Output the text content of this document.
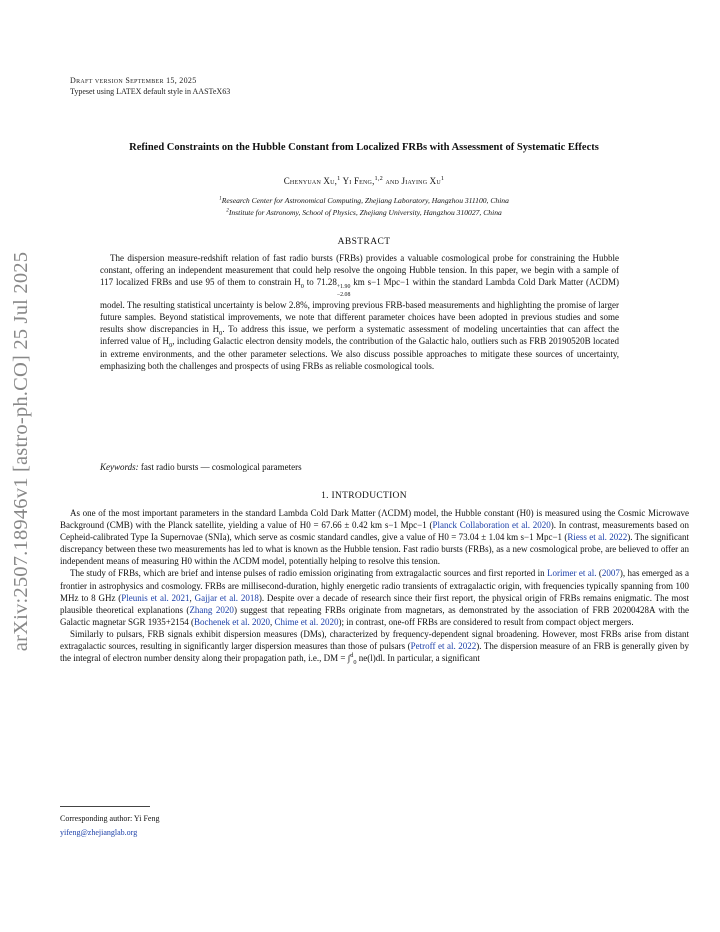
arXiv:2507.18946v1 [astro-ph.CO] 25 Jul 2025
Draft version September 15, 2025
Typeset using LATEX default style in AASTeX63
Refined Constraints on the Hubble Constant from Localized FRBs with Assessment of Systematic Effects
Chenyuan Xu,$^1$ Yi Feng,$^{1,2}$ and Jiaying Xu$^1$
$^1$Research Center for Astronomical Computing, Zhejiang Laboratory, Hangzhou 311100, China
$^2$Institute for Astronomy, School of Physics, Zhejiang University, Hangzhou 310027, China
ABSTRACT
The dispersion measure-redshift relation of fast radio bursts (FRBs) provides a valuable cosmological probe for constraining the Hubble constant, offering an independent measurement that could help resolve the ongoing Hubble tension. In this paper, we begin with a sample of 117 localized FRBs and use 95 of them to constrain $H_0$ to 71.28 +1.90
−2.08
km s−1 Mpc−1 within the standard Lambda Cold Dark Matter (ΛCDM) model. The resulting statistical uncertainty is below 2.8%, improving previous FRB-based measurements and highlighting the promise of larger future samples. Beyond statistical improvements, we note that different parameter choices have been adopted in previous studies and some results show discrepancies in $H_0$. To address this issue, we perform a systematic assessment of modeling uncertainties that can affect the inferred value of $H_0$, including Galactic electron density models, the contribution of the Galactic halo, outliers such as FRB 20190520B located in extreme environments, and the other parameter selections. We also discuss possible approaches to mitigate these sources of uncertainty, emphasizing both the challenges and prospects of using FRBs as reliable cosmological tools.
Keywords: fast radio bursts — cosmological parameters
1. INTRODUCTION

As one of the most important parameters in the standard Lambda Cold Dark Matter (ΛCDM) model, the Hubble constant (H0) is measured using the Cosmic Microwave Background (CMB) with the Planck satellite, yielding a value of H0 = 67.66 ± 0.42 km s−1 Mpc−1 (Planck Collaboration et al. 2020). In contrast, measurements based on Cepheid-calibrated Type Ia Supernovae (SNIa), which serve as cosmic standard candles, give a value of H0 = 73.04 ± 1.04 km s−1 Mpc−1 (Riess et al. 2022). The significant discrepancy between these two measurements has led to what is known as the Hubble tension. Fast radio bursts (FRBs), as a new cosmological probe, are believed to offer an independent means of measuring H0 within the ΛCDM model, potentially helping to resolve this tension.

The study of FRBs, which are brief and intense pulses of radio emission originating from extragalactic sources and first reported in Lorimer et al. (2007), has emerged as a frontier in astrophysics and cosmology. FRBs are millisecond-duration, highly energetic radio transients of extragalactic origin, with frequencies typically spanning from 100 MHz to 8 GHz (Pleunis et al. 2021, Gajjar et al. 2018). Despite over a decade of research since their first report, the physical origin of FRBs remains enigmatic. The most plausible theoretical explanations (Zhang 2020) suggest that repeating FRBs originate from magnetars, as demonstrated by the association of FRB 20200428A with the Galactic magnetar SGR 1935+2154 (Bochenek et al. 2020, Chime et al. 2020); in contrast, one-off FRBs are considered to result from compact object mergers.

Similarly to pulsars, FRB signals exhibit dispersion measures (DMs), characterized by frequency-dependent signal broadening. However, most FRBs arise from distant extragalactic sources, resulting in significantly larger dispersion measures than those of pulsars (Petroff et al. 2022). The dispersion measure of an FRB is generally given by the integral of electron number density along their propagation path, i.e., DM = ∫$^d_0$ ne(l)dl. In particular, a significant

Corresponding author: Yi Feng
yifeng@zhejianglab.org
